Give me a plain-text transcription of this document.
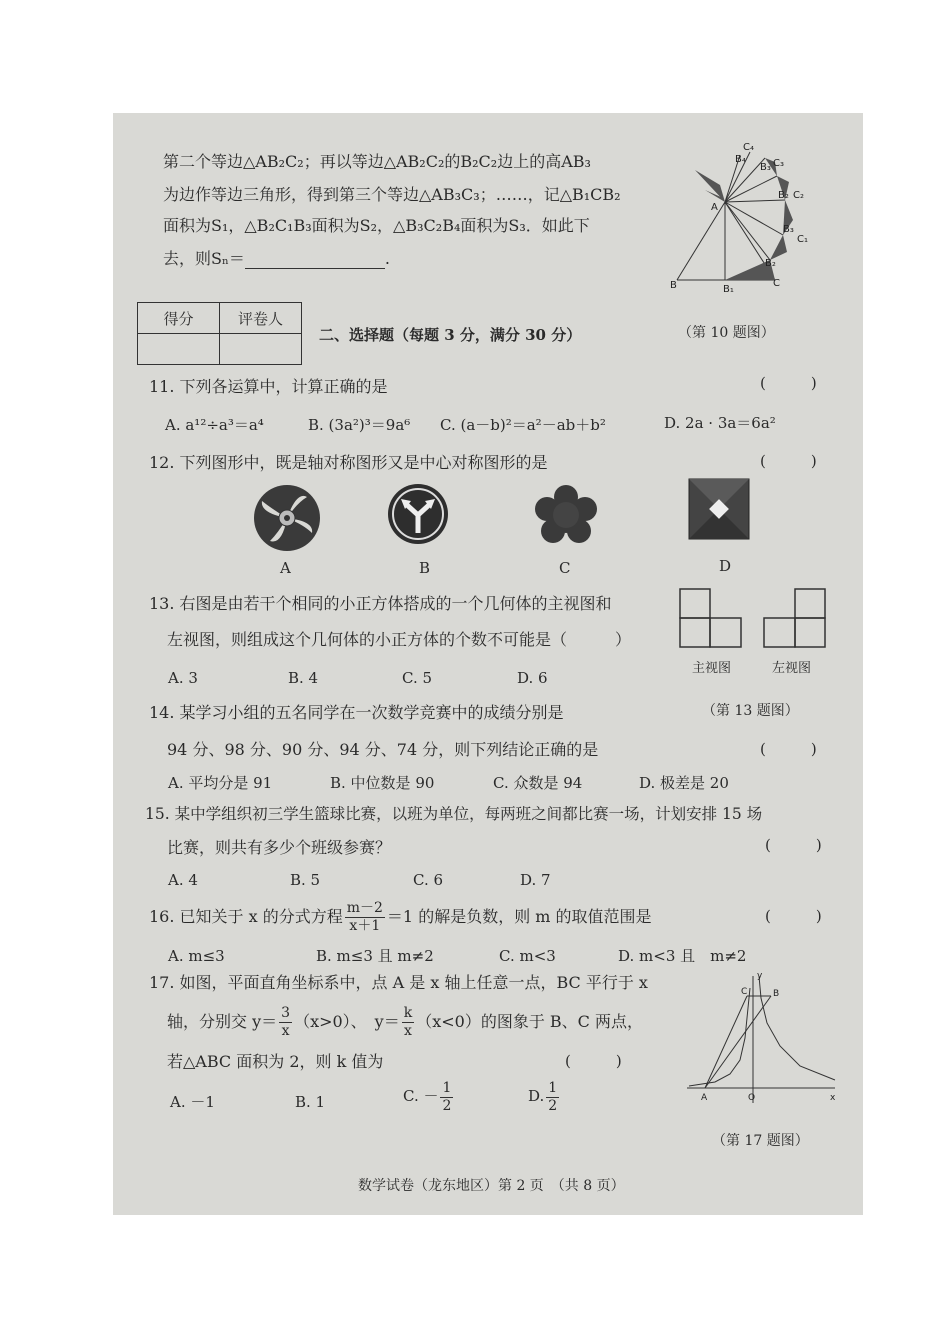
第二个等边△AB₂C₂；再以等边△AB₂C₂的B₂C₂边上的高AB₃
为边作等边三角形，得到第三个等边△AB₃C₃；……，记△B₁CB₂
面积为S₁，△B₂C₁B₃面积为S₂，△B₃C₂B₄面积为S₃．如此下
去，则Sₙ＝	.
C₄
B₄
B₃ C₃
B₂ C₂
A
B₃
C₁
B₂
B	B₁
C
（第 10 题图）
得分	评卷人

二、选择题（每题 3 分，满分 30 分）
11. 下列各运算中，计算正确的是	(　　　)
A. a¹²÷a³＝a⁴	B. (3a²)³＝9a⁶ C. (a－b)²＝a²－ab＋b²	D. 2a · 3a＝6a²
12. 下列图形中，既是轴对称图形又是中心对称图形的是	(　　　)
A	B	C	D
13. 右图是由若干个相同的小正方体搭成的一个几何体的主视图和
左视图，则组成这个几何体的小正方体的个数不可能是（　　　）
A. 3	B. 4	C. 5	D. 6
主视图	左视图
（第 13 题图）
14. 某学习小组的五名同学在一次数学竞赛中的成绩分别是
94 分、98 分、90 分、94 分、74 分，则下列结论正确的是	(　　　)
A. 平均分是 91	B. 中位数是 90	C. 众数是 94	D. 极差是 20
15. 某中学组织初三学生篮球比赛，以班为单位，每两班之间都比赛一场，计划安排 15 场
比赛，则共有多少个班级参赛？	(　　　)
A. 4	B. 5	C. 6	D. 7
16. 已知关于 x 的分式方程 $\frac{m-2}{x+1} =1$ 的解是负数，则 m 的取值范围是	(　　　)
A. m≤3	B. m≤3 且 m≠2	C. m<3	D. m<3 且　m≠2
17. 如图，平面直角坐标系中，点 A 是 x 轴上任意一点，BC 平行于 x
轴，分别交 $y= \frac{3}{x} (x>0)$、　$y= \frac{k}{x} (x<0)$的图象于 B、C 两点，
若△ABC 面积为 2，则 k 值为	(　　　)
A. －1	B. 1	C. － $\frac{1}{2}$	D. $\frac{1}{2}$
y
C	B
A	O	x
（第 17 题图）
数学试卷（龙东地区）第 2 页　（共 8 页）
